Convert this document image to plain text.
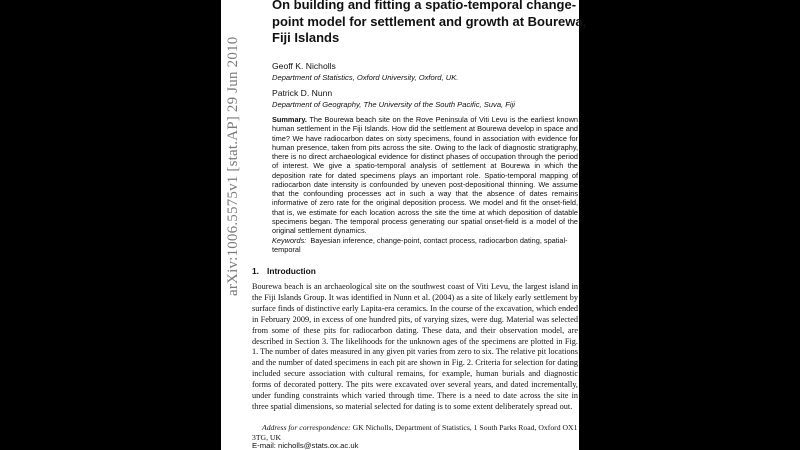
arXiv:1006.5575v1 [stat.AP] 29 Jun 2010
On building and fitting a spatio-temporal change-point model for settlement and growth at Bourewa, Fiji Islands
Geoff K. Nicholls
Department of Statistics, Oxford University, Oxford, UK.
Patrick D. Nunn
Department of Geography, The University of the South Pacific, Suva, Fiji

Summary. The Bourewa beach site on the Rove Peninsula of Viti Levu is the earliest known human settlement in the Fiji Islands. How did the settlement at Bourewa develop in space and time? We have radiocarbon dates on sixty specimens, found in association with evidence for human presence, taken from pits across the site. Owing to the lack of diagnostic stratigraphy, there is no direct archaeological evidence for distinct phases of occupation through the period of interest. We give a spatio-temporal analysis of settlement at Bourewa in which the deposition rate for dated specimens plays an important role. Spatio-temporal mapping of radiocarbon date intensity is confounded by uneven post-depositional thinning. We assume that the confounding processes act in such a way that the absence of dates remains informative of zero rate for the original deposition process. We model and fit the onset-field, that is, we estimate for each location across the site the time at which deposition of datable specimens began. The temporal process generating our spatial onset-field is a model of the original settlement dynamics.

Keywords: Bayesian inference, change-point, contact process, radiocarbon dating, spatial-temporal

1. Introduction

Bourewa beach is an archaeological site on the southwest coast of Viti Levu, the largest island in the Fiji Islands Group. It was identified in Nunn et al. (2004) as a site of likely early settlement by surface finds of distinctive early Lapita-era ceramics. In the course of the excavation, which ended in February 2009, in excess of one hundred pits, of varying sizes, were dug. Material was selected from some of these pits for radiocarbon dating. These data, and their observation model, are described in Section 3. The likelihoods for the unknown ages of the specimens are plotted in Fig. 1. The number of dates measured in any given pit varies from zero to six. The relative pit locations and the number of dated specimens in each pit are shown in Fig. 2. Criteria for selection for dating included secure association with cultural remains, for example, human burials and diagnostic forms of decorated pottery. The pits were excavated over several years, and dated incrementally, under funding constraints which varied through time. There is a need to date across the site in three spatial dimensions, so material selected for dating is to some extent deliberately spread out.

Address for correspondence: GK Nicholls, Department of Statistics, 1 South Parks Road, Oxford OX1 3TG, UK

E-mail: nicholls@stats.ox.ac.uk
